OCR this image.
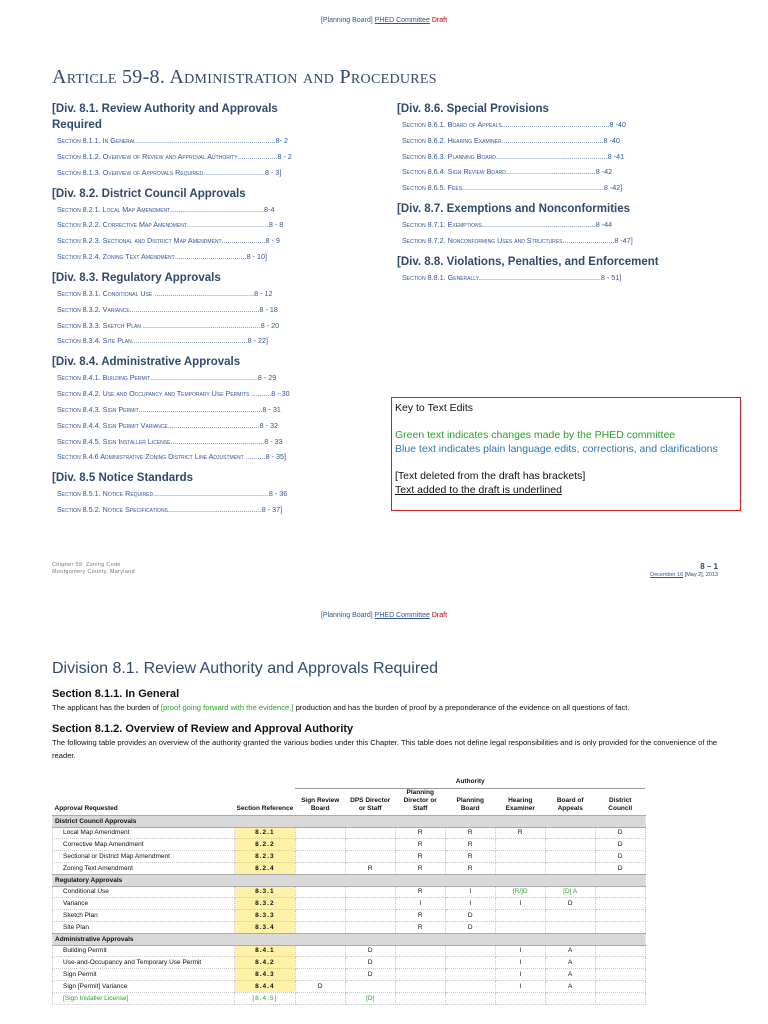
[Planning Board] PHED Committee Draft
Article 59-8. Administration and Procedures
[Div. 8.1. Review Authority and Approvals
Required
Section 8.1.1. In General......................................................................8- 2
Section 8.1.2. Overview of Review and Approval Authority....................8 - 2
Section 8.1.3. Overview of Approvals Required...............................8 - 3]
[Div. 8.2. District Council Approvals
Section 8.2.1. Local Map Amendment...............................................8-4
Section 8.2.2. Corrective Map Amendment.........................................8 - 8
Section 8.2.3. Sectional and District Map Amendment......................8 - 9
Section 8.2.4. Zoning Text Amendment....................................8 - 10]
[Div. 8.3. Regulatory Approvals
Section 8.3.1. Conditional Use ..................................................8 - 12
Section 8.3.2. Variance.................................................................8 - 18
Section 8.3.3. Sketch Plan ...........................................................8 - 20
Section 8.3.4. Site Plan..........................................................8 - 22]
[Div. 8.4. Administrative Approvals
Section 8.4.1. Building Permit......................................................8 - 29
Section 8.4.2. Use and Occupancy and Temporary Use Permits ..........8 - 30
Section 8.4.3. Sign Permit..............................................................8 - 31
Section 8.4.4. Sign Permit Variance..............................................8 - 32
Section 8.4.5. Sign Installer License...............................................8 - 33
Section 8.4.6 Administrative Zoning District Line Adjustment ..........8 - 35]
[Div. 8.5 Notice Standards
Section 8.5.1. Notice Required..........................................................8 - 36
Section 8.5.2. Notice Specifications...............................................8 - 37]
[Div. 8.6. Special Provisions
Section 8.6.1. Board of Appeals......................................................8 -40
Section 8.6.2. Hearing Examiner...................................................8 -40
Section 8.6.3. Planning Board........................................................8 -41
Section 8.6.4. Sign Review Board.............................................8 -42
Section 8.6.5. Fees.......................................................................8 -42]
[Div. 8.7. Exemptions and Nonconformities
Section 8.7.1. Exemptions.........................................................8 -44
Section 8.7.2. Nonconforming Uses and Structures..........................8 -47]
[Div. 8.8. Violations, Penalties, and Enforcement
Section 8.8.1. Generally.............................................................8 - 51]
Key to Text Edits
Green text indicates changes made by the PHED committee
Blue text indicates plain language edits, corrections, and clarifications
[Text deleted from the draft has brackets]
Text added to the draft is underlined
Chapter 59: Zoning Code
Montgomery County, Maryland
8 – 1
December 16 [May 2], 2013
[Planning Board] PHED Committee Draft
Division 8.1. Review Authority and Approvals Required
Section 8.1.1. In General
The applicant has the burden of [proof going forward with the evidence,] production and has the burden of proof by a preponderance of the evidence on all questions of fact.
Section 8.1.2. Overview of Review and Approval Authority
The following table provides an overview of the authority granted the various bodies under this Chapter. This table does not define legal responsibilities and is only provided for the convenience of the reader.
		Authority						
Approval Requested	Section Reference	Sign Review Board	DPS Director or Staff	Planning Director or Staff	Planning Board	Hearing Examiner	Board of Appeals	District Council
District Council Approvals								
Local Map Amendment	8.2.1			R	R	R		D
Corrective Map Amendment	8.2.2			R	R			D
Sectional or District Map Amendment	8.2.3			R	R			D
Zoning Text Amendment	8.2.4		R	R	R			D
Regulatory Approvals								
Conditional Use	8.3.1			R	I	[R/]D	[D] A	
Variance	8.3.2			I	I	I	D	
Sketch Plan	8.3.3			R	D			
Site Plan	8.3.4			R	D			
Administrative Approvals								
Building Permit	8.4.1		D			I	A	
Use-and-Occupancy and Temporary Use Permit	8.4.2		D			I	A	
Sign Permit	8.4.3		D			I	A	
Sign [Permit] Variance	8.4.4	D				I	A	
[Sign Installer License]	[8.4.5]		[D]					
